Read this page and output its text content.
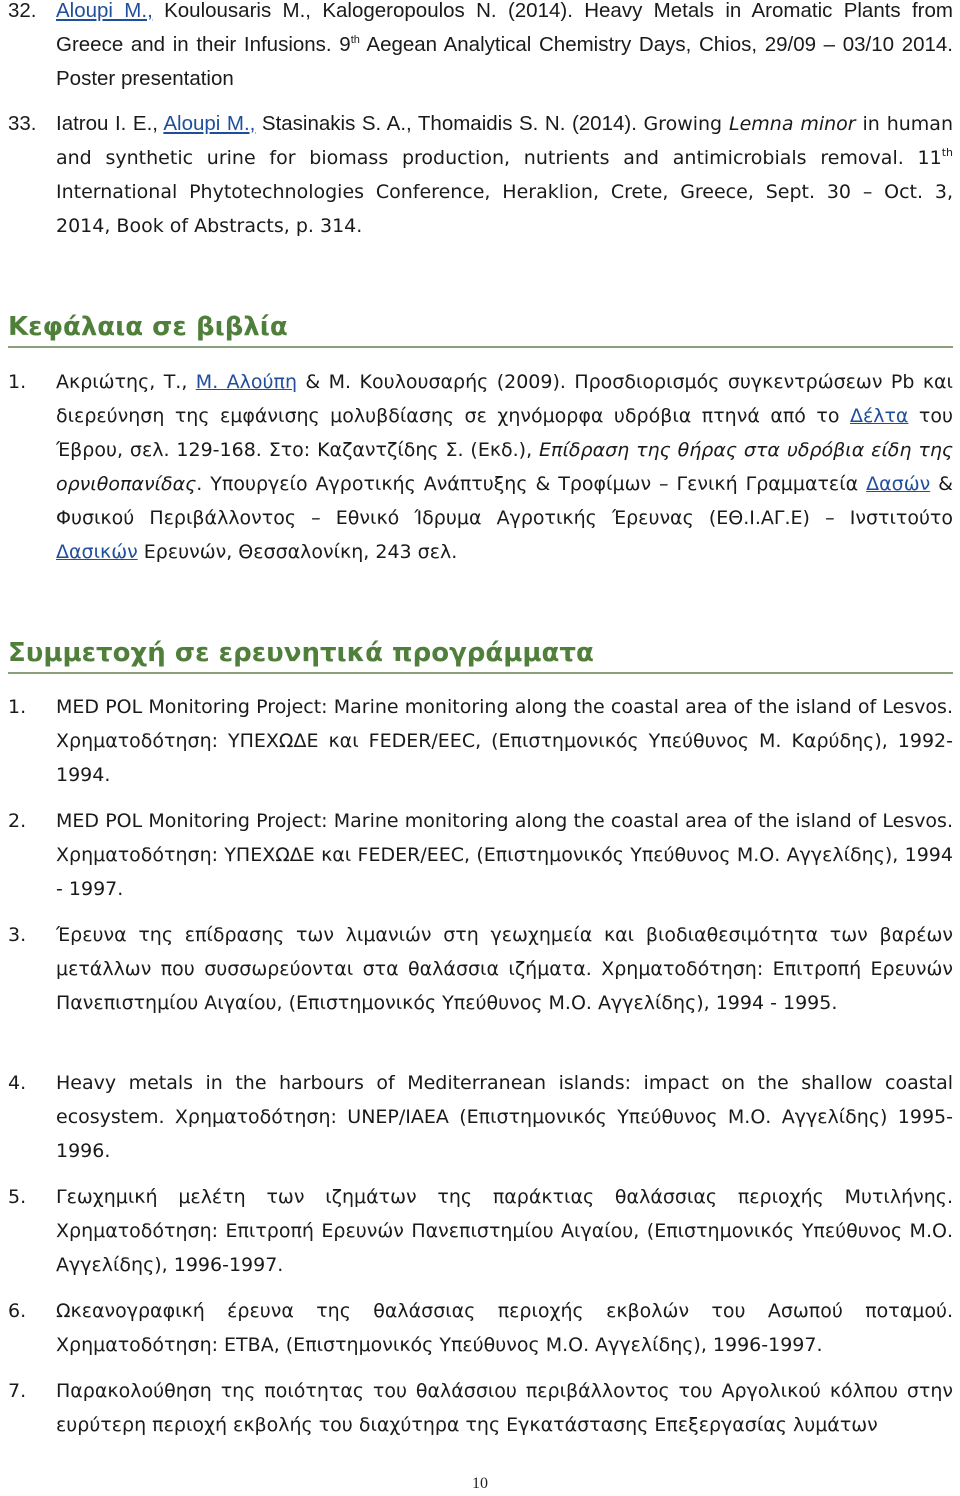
32. Aloupi M., Koulousaris M., Kalogeropoulos N. (2014). Heavy Metals in Aromatic Plants from Greece and in their Infusions. 9th Aegean Analytical Chemistry Days, Chios, 29/09 – 03/10 2014. Poster presentation
33. Iatrou I. E., Aloupi M., Stasinakis S. A., Thomaidis S. N. (2014). Growing Lemna minor in human and synthetic urine for biomass production, nutrients and antimicrobials removal. 11th International Phytotechnologies Conference, Heraklion, Crete, Greece, Sept. 30 – Oct. 3, 2014, Book of Abstracts, p. 314.
Κεφάλαια σε βιβλία
1. Ακριώτης, Τ., Μ. Αλούπη & Μ. Κουλουσαρής (2009). Προσδιορισμός συγκεντρώσεων Pb και διερεύνηση της εμφάνισης μολυβδίασης σε χηνόμορφα υδρόβια πτηνά από το Δέλτα του Έβρου, σελ. 129-168. Στο: Καζαντζίδης Σ. (Εκδ.), Επίδραση της θήρας στα υδρόβια είδη της ορνιθοπανίδας. Υπουργείο Αγροτικής Ανάπτυξης & Τροφίμων – Γενική Γραμματεία Δασών & Φυσικού Περιβάλλοντος – Εθνικό Ίδρυμα Αγροτικής Έρευνας (ΕΘ.Ι.ΑΓ.Ε) – Ινστιτούτο Δασικών Ερευνών, Θεσσαλονίκη, 243 σελ.
Συμμετοχή σε ερευνητικά προγράμματα
1. MED POL Monitoring Project: Marine monitoring along the coastal area of the island of Lesvos. Χρηματοδότηση: ΥΠΕΧΩΔΕ και FEDER/EEC, (Επιστημονικός Υπεύθυνος Μ. Καρύδης), 1992-1994.
2. MED POL Monitoring Project: Marine monitoring along the coastal area of the island of Lesvos. Χρηματοδότηση: ΥΠΕΧΩΔΕ και FEDER/EEC, (Επιστημονικός Υπεύθυνος Μ.Ο. Αγγελίδης), 1994 - 1997.
3. Έρευνα της επίδρασης των λιμανιών στη γεωχημεία και βιοδιαθεσιμότητα των βαρέων μετάλλων που συσσωρεύονται στα θαλάσσια ιζήματα. Χρηματοδότηση: Επιτροπή Ερευνών Πανεπιστημίου Αιγαίου, (Επιστημονικός Υπεύθυνος Μ.Ο. Αγγελίδης), 1994 - 1995.
4. Heavy metals in the harbours of Mediterranean islands: impact on the shallow coastal ecosystem. Χρηματοδότηση: UNEP/IAEA (Επιστημονικός Υπεύθυνος Μ.Ο. Αγγελίδης) 1995-1996.
5. Γεωχημική μελέτη των ιζημάτων της παράκτιας θαλάσσιας περιοχής Μυτιλήνης. Χρηματοδότηση: Επιτροπή Ερευνών Πανεπιστημίου Αιγαίου, (Επιστημονικός Υπεύθυνος Μ.Ο. Αγγελίδης), 1996-1997.
6. Ωκεανογραφική έρευνα της θαλάσσιας περιοχής εκβολών του Ασωπού ποταμού. Χρηματοδότηση: ΕΤΒΑ, (Επιστημονικός Υπεύθυνος Μ.Ο. Αγγελίδης), 1996-1997.
7. Παρακολούθηση της ποιότητας του θαλάσσιου περιβάλλοντος του Αργολικού κόλπου στην ευρύτερη περιοχή εκβολής του διαχύτηρα της Εγκατάστασης Επεξεργασίας λυμάτων
10
